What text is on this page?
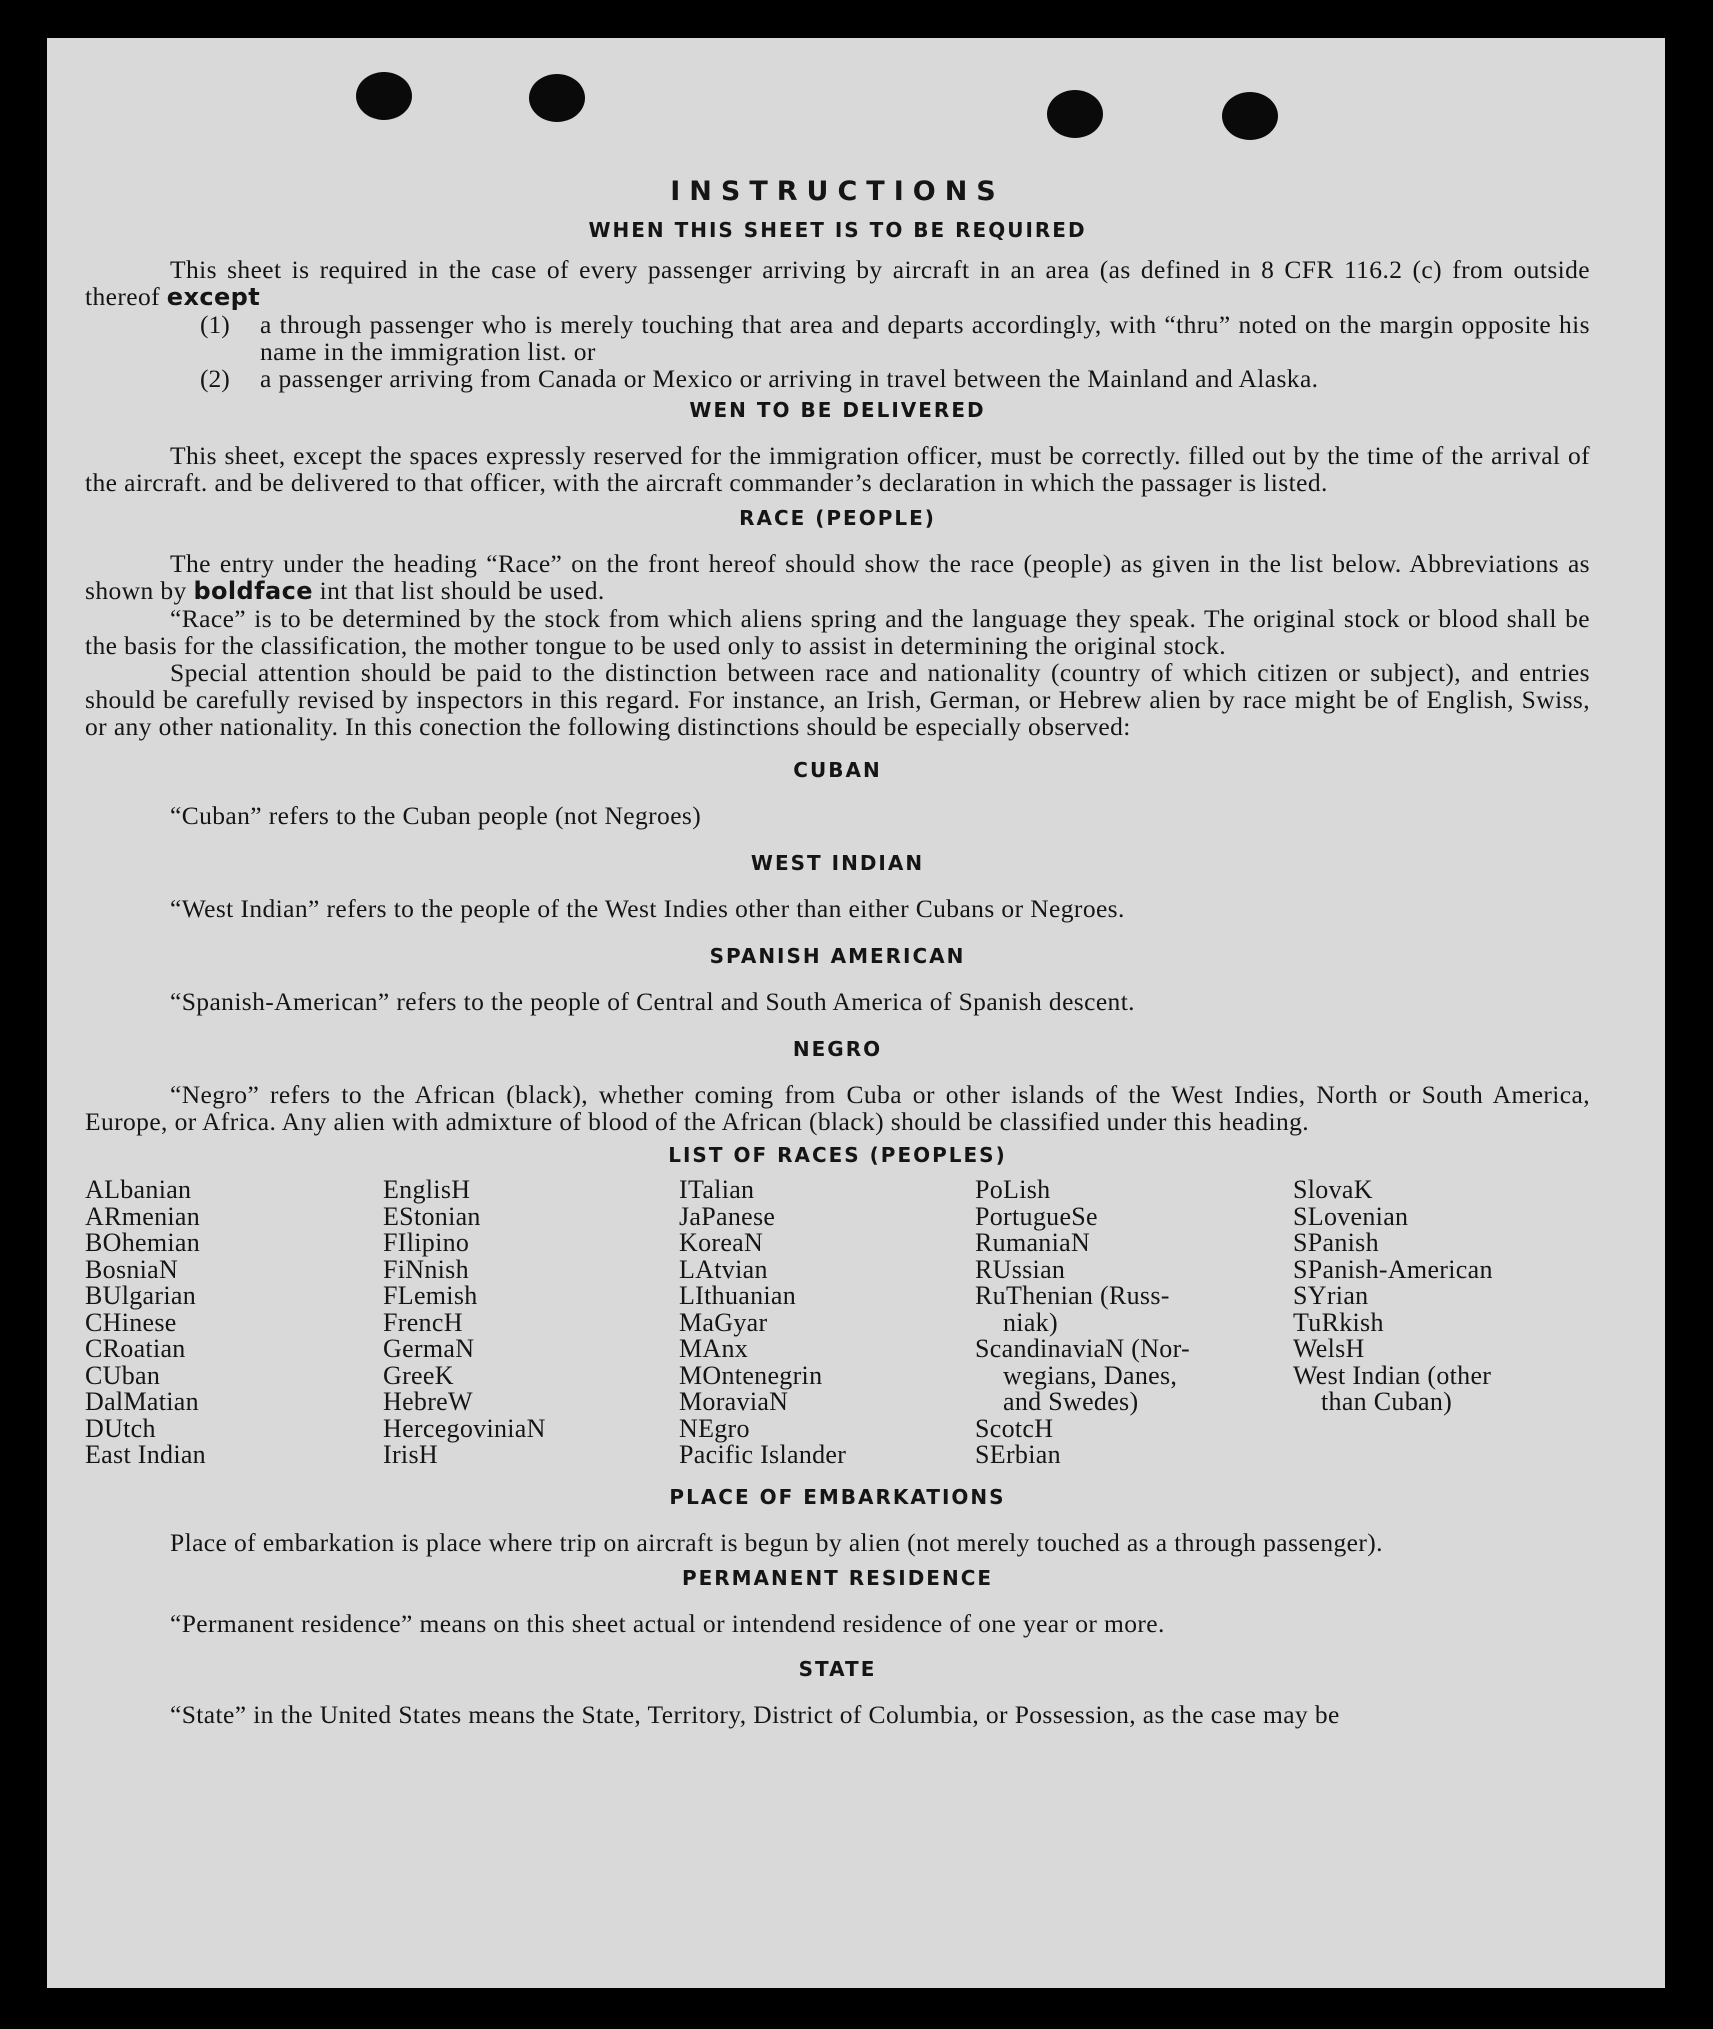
INSTRUCTIONS
WHEN THIS SHEET IS TO BE REQUIRED

This sheet is required in the case of every passenger arriving by aircraft in an area (as defined in 8 CFR 116.2 (c) from outside thereof except

(1)	a through passenger who is merely touching that area and departs accordingly, with “thru” noted on the margin opposite his name in the immigration list. or
(2)	a passenger arriving from Canada or Mexico or arriving in travel between the Mainland and Alaska.
WEN TO BE DELIVERED

This sheet, except the spaces expressly reserved for the immigration officer, must be correctly. filled out by the time of the arrival of the aircraft. and be delivered to that officer, with the aircraft commander’s declaration in which the passager is listed.

RACE (PEOPLE)

The entry under the heading “Race” on the front hereof should show the race (people) as given in the list below. Abbreviations as shown by boldface int that list should be used.

“Race” is to be determined by the stock from which aliens spring and the language they speak. The original stock or blood shall be the basis for the classification, the mother tongue to be used only to assist in determining the original stock.

Special attention should be paid to the distinction between race and nationality (country of which citizen or subject), and entries should be carefully revised by inspectors in this regard. For instance, an Irish, German, or Hebrew alien by race might be of English, Swiss, or any other nationality. In this conection the following distinctions should be especially observed:

CUBAN

“Cuban” refers to the Cuban people (not Negroes)

WEST INDIAN

“West Indian” refers to the people of the West Indies other than either Cubans or Negroes.

SPANISH AMERICAN

“Spanish-American” refers to the people of Central and South America of Spanish descent.

NEGRO

“Negro” refers to the African (black), whether coming from Cuba or other islands of the West Indies, North or South America, Europe, or Africa. Any alien with admixture of blood of the African (black) should be classified under this heading.

LIST OF RACES (PEOPLES)
ALbanian
ARmenian
BOhemian
BosniaN
BUlgarian
CHinese
CRoatian
CUban
DalMatian
DUtch
East Indian
EnglisH
EStonian
FIlipino
FiNnish
FLemish
FrencH
GermaN
GreeK
HebreW
HercegoviniaN
IrisH
ITalian
JaPanese
KoreaN
LAtvian
LIthuanian
MaGyar
MAnx
MOntenegrin
MoraviaN
NEgro
Pacific Islander
PoLish
PortugueSe
RumaniaN
RUssian
RuThenian (Russ-
niak)
ScandinaviaN (Nor-
wegians, Danes,
and Swedes)
ScotcH
SErbian
SlovaK
SLovenian
SPanish
SPanish-American
SYrian
TuRkish
WelsH
West Indian (other
than Cuban)
PLACE OF EMBARKATIONS

Place of embarkation is place where trip on aircraft is begun by alien (not merely touched as a through passenger).

PERMANENT RESIDENCE

“Permanent residence” means on this sheet actual or intendend residence of one year or more.

STATE

“State” in the United States means the State, Territory, District of Columbia, or Possession, as the case may be
